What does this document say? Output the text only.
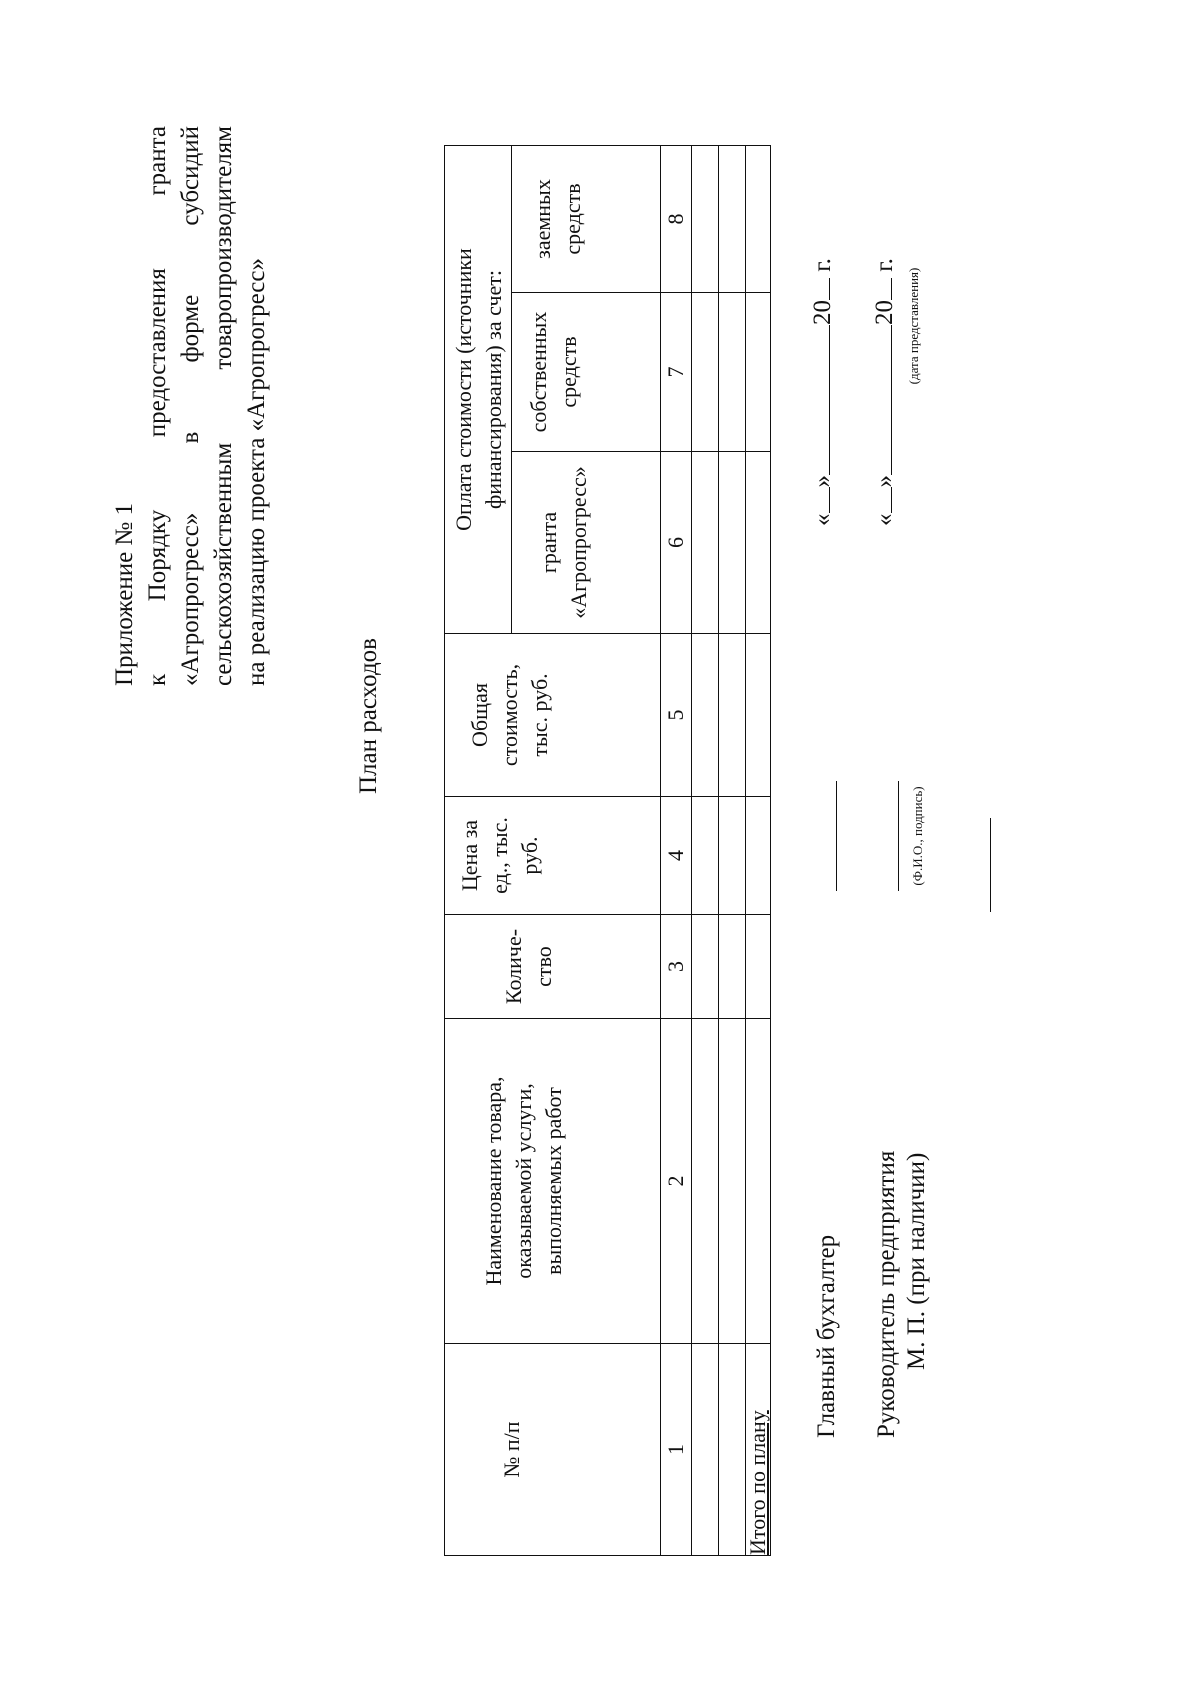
Приложение № 1 к
Порядку
предоставления
гранта
«Агропрогресс»
в
форме
субсидий
сельскохозяйственным
товаропроизводителям
на реализацию проекта «Агропрогресс»
План расходов
№ п/п	Наименование товара, оказываемой услуги, выполняемых работ	Количе-ство	Цена за ед., тыс. руб.	Общая стоимость, тыс. руб.	Оплата стоимости (источники финансирования) за счет:		
					гранта «Агропрогресс»	собственных средств	заемных средств
1	2	3	4	5	6	7	8

Итого по плану							
Главный бухгалтер
«»20 г.
Руководитель предприятия М. П. (при наличии)
(Ф.И.О., подпись)
«»20 г.
(дата представления)
